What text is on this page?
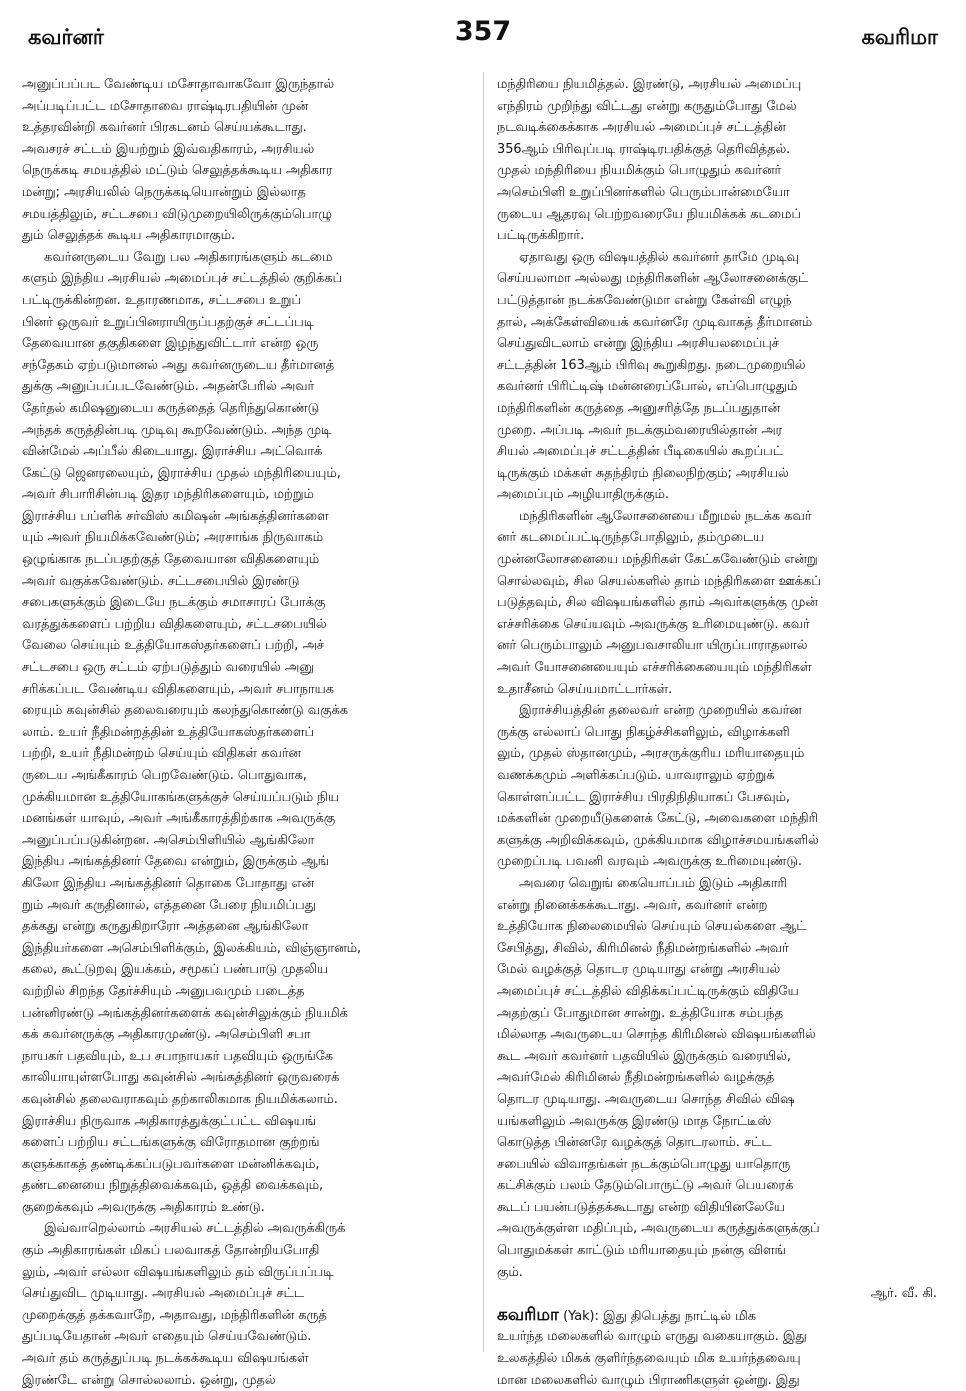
கவர்னர்	357	கவரிமா
அனுப்பப்பட வேண்டிய மசோதாவாகவோ இருந்தால்
அப்படிப்பட்ட மசோதாவை ராஷ்டிரபதியின் முன்
உத்தரவின்றி கவர்னர் பிரகடனம் செய்யக்கூடாது.
அவசரச் சட்டம் இயற்றும் இவ்வதிகாரம், அரசியல்
நெருக்கடி சமயத்தில் மட்டும் செலுத்தக்கூடிய அதிகார
மன்று; அரசியலில் நெருக்கடியொன்றும் இல்லாத
சமயத்திலும், சட்டசபை விடுமுறையிலிருக்கும்பொழு
தும் செலுத்தக் கூடிய அதிகாரமாகும்.
கவர்னருடைய வேறு பல அதிகாரங்களும் கடமை
களும் இந்திய அரசியல் அமைப்புச் சட்டத்தில் குறிக்கப்
பட்டிருக்கின்றன. உதாரணமாக, சட்டசபை உறுப்
பினர் ஒருவர் உறுப்பினராயிருப்பதற்குச் சட்டப்படி
தேவையான தகுதிகளை இழந்துவிட்டார் என்ற ஒரு
சந்தேகம் ஏற்படுமானல் அது கவர்னருடைய தீர்மானத்
துக்கு அனுப்பப்படவேண்டும். அதன்பேரில் அவர்
தேர்தல் கமிஷனுடைய கருத்தைத் தெரிந்துகொண்டு
அந்தக் கருத்தின்படி முடிவு கூறவேண்டும். அந்த முடி
வின்மேல் அப்பீல் கிடையாது. இராச்சிய அட்வொக்
கேட்டு ஜெனரலையும், இராச்சிய முதல் மந்திரியையும்,
அவர் சிபாரிசின்படி இதர மந்திரிகளையும், மற்றும்
இராச்சிய பப்ளிக் சர்விஸ் கமிஷன் அங்கத்தினர்களை
யும் அவர் நியமிக்கவேண்டும்; அரசாங்க நிருவாகம்
ஒழுங்காக நடப்பதற்குத் தேவையான விதிகளையும்
அவர் வகுக்கவேண்டும். சட்டசபையில் இரண்டு
சபைகளுக்கும் இடையே நடக்கும் சமாசாரப் போக்கு
வரத்துக்களைப் பற்றிய விதிகளையும், சட்டசபையில்
வேலை செய்யும் உத்தியோகஸ்தர்களைப் பற்றி, அச்
சட்டசபை ஒரு சட்டம் ஏற்படுத்தும் வரையில் அனு
சரிக்கப்பட வேண்டிய விதிகளையும், அவர் சபாநாயக
ரையும் கவுன்சில் தலைவரையும் கலந்துகொண்டு வகுக்க
லாம். உயர் நீதிமன்றத்தின் உத்தியோகஸ்தர்களைப்
பற்றி, உயர் நீதிமன்றம் செய்யும் விதிகள் கவர்ன
ருடைய அங்கீகாரம் பெறவேண்டும். பொதுவாக,
முக்கியமான உத்தியோகங்களுக்குச் செய்யப்படும் நிய
மனங்கள் யாவும், அவர் அங்கீகாரத்திற்காக அவருக்கு
அனுப்பப்படுகின்றன. அசெம்பிளியில் ஆங்கிலோ
இந்திய அங்கத்தினர் தேவை என்றும், இருக்கும் ஆங்
கிலோ இந்திய அங்கத்தினர் தொகை போதாது என்
றும் அவர் கருதினால், எத்தனை பேரை நியமிப்பது
தக்கது என்று கருதுகிறாரோ அத்தனை ஆங்கிலோ
இந்தியர்களை அசெம்பிளிக்கும், இலக்கியம், விஞ்ஞானம்,
கலை, கூட்டுறவு இயக்கம், சமூகப் பண்பாடு முதலிய
வற்றில் சிறந்த தேர்ச்சியும் அனுபவமும் படைத்த
பன்னிரண்டு அங்கத்தினர்களைக் கவுன்சிலுக்கும் நியமிக்
கக் கவர்னருக்கு அதிகாரமுண்டு. அசெம்பிளி சபா
நாயகர் பதவியும், உப சபாநாயகர் பதவியும் ஒருங்கே
காலியாயுள்ளபோது கவுன்சில் அங்கத்தினர் ஒருவரைக்
கவுன்சில் தலைவராகவும் தற்காலிகமாக நியமிக்கலாம்.
இராச்சிய நிருவாக அதிகாரத்துக்குட்பட்ட விஷயங்
களைப் பற்றிய சட்டங்களுக்கு விரோதமான குற்றங்
களுக்காகத் தண்டிக்கப்படுபவர்களை மன்னிக்கவும்,
தண்டனையை நிறுத்திவைக்கவும், ஒத்தி வைக்கவும்,
குறைக்கவும் அவருக்கு அதிகாரம் உண்டு.
இவ்வாறெல்லாம் அரசியல் சட்டத்தில் அவருக்கிருக்
கும் அதிகாரங்கள் மிகப் பலவாகத் தோன்றியபோதி
லும், அவர் எல்லா விஷயங்களிலும் தம் விருப்பப்படி
செய்துவிட முடியாது. அரசியல் அமைப்புச் சட்ட
முறைக்குத் தக்கவாறே, அதாவது, மந்திரிகளின் கருத்
துப்படியேதான் அவர் எதையும் செய்யவேண்டும்.
அவர் தம் கருத்துப்படி நடக்கக்கூடிய விஷயங்கள்
இரண்டே என்று சொல்லலாம். ஒன்று, முதல்
மந்திரியை நியமித்தல். இரண்டு, அரசியல் அமைப்பு
எந்திரம் முறிந்து விட்டது என்று கருதும்போது மேல்
நடவடிக்கைக்காக அரசியல் அமைப்புச் சட்டத்தின்
356ஆம் பிரிவுப்படி ராஷ்டிரபதிக்குத் தெரிவித்தல்.
முதல் மந்திரியை நியமிக்கும் பொழுதும் கவர்னர்
அசெம்பிளி உறுப்பினர்களில் பெரும்பான்மையோ
ருடைய ஆதரவு பெற்றவரையே நியமிக்கக் கடமைப்
பட்டிருக்கிறார்.
ஏதாவது ஒரு விஷயத்தில் கவர்னர் தாமே முடிவு
செய்யலாமா அல்லது மந்திரிகளின் ஆலோசனைக்குட்
பட்டுத்தான் நடக்கவேண்டுமா என்று கேள்வி எழுந்
தால், அக்கேள்வியைக் கவர்னரே முடிவாகத் தீர்மானம்
செய்துவிடலாம் என்று இந்திய அரசியலமைப்புச்
சட்டத்தின் 163ஆம் பிரிவு கூறுகிறது. நடைமுறையில்
கவர்னர் பிரிட்டிஷ் மன்னரைப்போல், எப்பொழுதும்
மந்திரிகளின் கருத்தை அனுசரித்தே நடப்பதுதான்
முறை. அப்படி அவர் நடக்கும்வரையில்தான் அர
சியல் அமைப்புச் சட்டத்தின் பீடிகையில் கூறப்பட்
டிருக்கும் மக்கள் சுதந்திரம் நிலைநிற்கும்; அரசியல்
அமைப்பும் அழியாதிருக்கும்.
மந்திரிகளின் ஆலோசனையை மீறுமல் நடக்க கவர்
னர் கடமைப்பட்டிருந்தபோதிலும், தம்முடைய
முன்னலோசனையை மந்திரிகள் கேட்கவேண்டும் என்று
சொல்லவும், சில செயல்களில் தாம் மந்திரிகளை ஊக்கப்
படுத்தவும், சில விஷயங்களில் தாம் அவர்களுக்கு முன்
எச்சரிக்கை செய்யவும் அவருக்கு உரிமையுண்டு. கவர்
னர் பெரும்பாலும் அனுபவசாலியா யிருப்பாராதலால்
அவர் யோசனையையும் எச்சரிக்கையையும் மந்திரிகள்
உதாசீனம் செய்யமாட்டார்கள்.
இராச்சியத்தின் தலைவர் என்ற முறையில் கவர்ன
ருக்கு எல்லாப் பொது நிகழ்ச்சிகளிலும், விழாக்களி
லும், முதல் ஸ்தானமும், அரசருக்குரிய மரியாதையும்
வணக்கமும் அளிக்கப்படும். யாவராலும் ஏற்றுக்
கொள்ளப்பட்ட இராச்சிய பிரதிநிதியாகப் பேசவும்,
மக்களின் முறையீடுகளைக் கேட்டு, அவைகளை மந்திரி
களுக்கு அறிவிக்கவும், முக்கியமாக விழாச்சமயங்களில்
முறைப்படி பவனி வரவும் அவருக்கு உரிமையுண்டு.
அவரை வெறுங் கையொப்பம் இடும் அதிகாரி
என்று நினைக்கக்கூடாது. அவர், கவர்னர் என்ற
உத்தியோக நிலைமையில் செய்யும் செயல்களை ஆட்
சேபித்து, சிவில், கிரிமினல் நீதிமன்றங்களில் அவர்
மேல் வழக்குத் தொடர முடியாது என்று அரசியல்
அமைப்புச் சட்டத்தில் விதிக்கப்பட்டிருக்கும் விதியே
அதற்குப் போதுமான சான்று. உத்தியோக சம்பந்த
மில்லாத அவருடைய சொந்த கிரிமினல் விஷயங்களில்
கூட அவர் கவர்னர் பதவியில் இருக்கும் வரையில்,
அவர்மேல் கிரிமினல் நீதிமன்றங்களில் வழக்குத்
தொடர முடியாது. அவருடைய சொந்த சிவில் விஷ
யங்களிலும் அவருக்கு இரண்டு மாத நோட்டீஸ்
கொடுத்த பின்னரே வழக்குத் தொடரலாம். சட்ட
சபையில் விவாதங்கள் நடக்கும்பொழுது யாதொரு
கட்சிக்கும் பலம் தேடும்பொருட்டு அவர் பெயரைக்
கூடப் பயன்படுத்தக்கூடாது என்ற விதியினலேயே
அவருக்குள்ள மதிப்பும், அவருடைய கருத்துக்களுக்குப்
பொதுமக்கள் காட்டும் மரியாதையும் நன்கு விளங்
கும்.
ஆர். வீ. கி.
கவரிமா (Yak): இது திபெத்து நாட்டில் மிக
உயர்ந்த மலைகளில் வாழும் எருது வகையாகும். இது
உலகத்தில் மிகக் குளிர்ந்தவையும் மிக உயர்ந்தவையு
மான மலைகளில் வாழும் பிராணிகளுள் ஒன்று. இது
